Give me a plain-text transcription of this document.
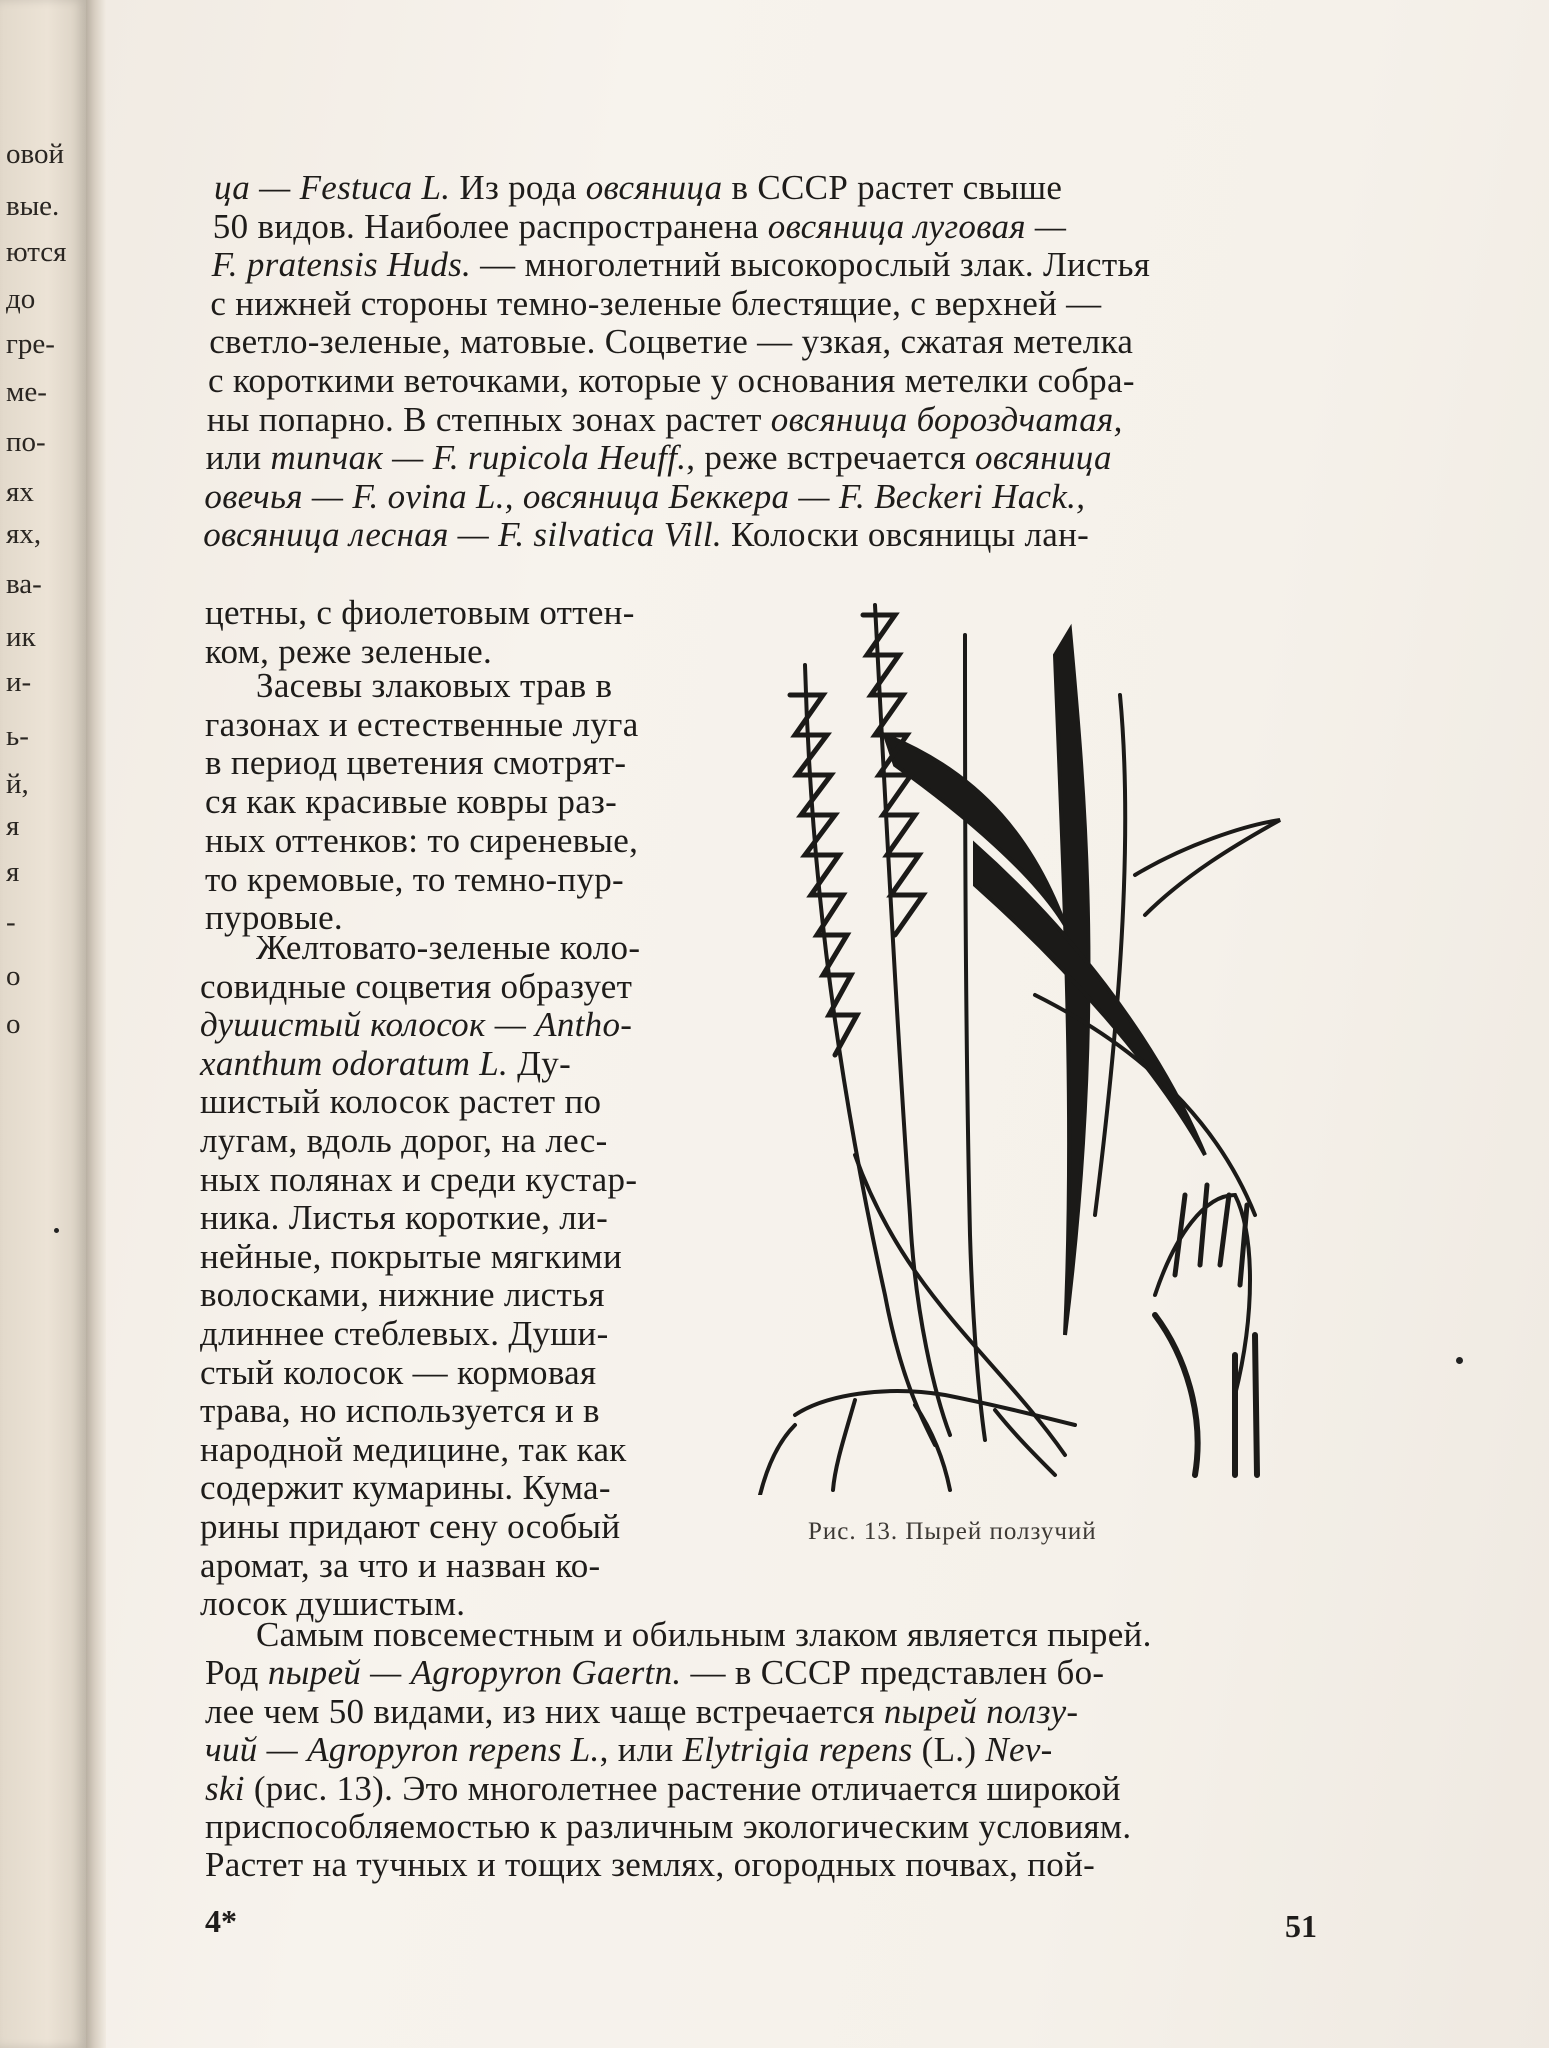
овой
вые.
ются
до
гре-
ме-
по-
ях
ях,
ва-
ик
и-
ь-
й,
я
я
-
о
о
ца — Festuca L. Из рода овсяница в СССР растет свыше
50 видов. Наиболее распространена овсяница луговая —
F. pratensis Huds. — многолетний высокорослый злак. Листья
с нижней стороны темно-зеленые блестящие, с верхней —
светло-зеленые, матовые. Соцветие — узкая, сжатая метелка
с короткими веточками, которые у основания метелки собра-
ны попарно. В степных зонах растет овсяница бороздчатая,
или типчак — F. rupicola Heuff., реже встречается овсяница
овечья — F. ovina L., овсяница Беккера — F. Beckeri Hack.,
овсяница лесная — F. silvatica Vill. Колоски овсяницы лан-
цетны, с фиолетовым оттен-
ком, реже зеленые.
Засевы злаковых трав в
газонах и естественные луга
в период цветения смотрят-
ся как красивые ковры раз-
ных оттенков: то сиреневые,
то кремовые, то темно-пур-
пуровые.
Желтовато-зеленые коло-
совидные соцветия образует
душистый колосок — Antho-
xanthum odoratum L. Ду-
шистый колосок растет по
лугам, вдоль дорог, на лес-
ных полянах и среди кустар-
ника. Листья короткие, ли-
нейные, покрытые мягкими
волосками, нижние листья
длиннее стеблевых. Души-
стый колосок — кормовая
трава, но используется и в
народной медицине, так как
содержит кумарины. Кума-
рины придают сену особый
аромат, за что и назван ко-
лосок душистым.
Самым повсеместным и обильным злаком является пырей.
Род пырей — Agropyron Gaertn. — в СССР представлен бо-
лее чем 50 видами, из них чаще встречается пырей ползу-
чий — Agropyron repens L., или Elytrigia repens (L.) Nev-
ski (рис. 13). Это многолетнее растение отличается широкой
приспособляемостью к различным экологическим условиям.
Растет на тучных и тощих землях, огородных почвах, пой-
Рис. 13. Пырей ползучий
4*	51
